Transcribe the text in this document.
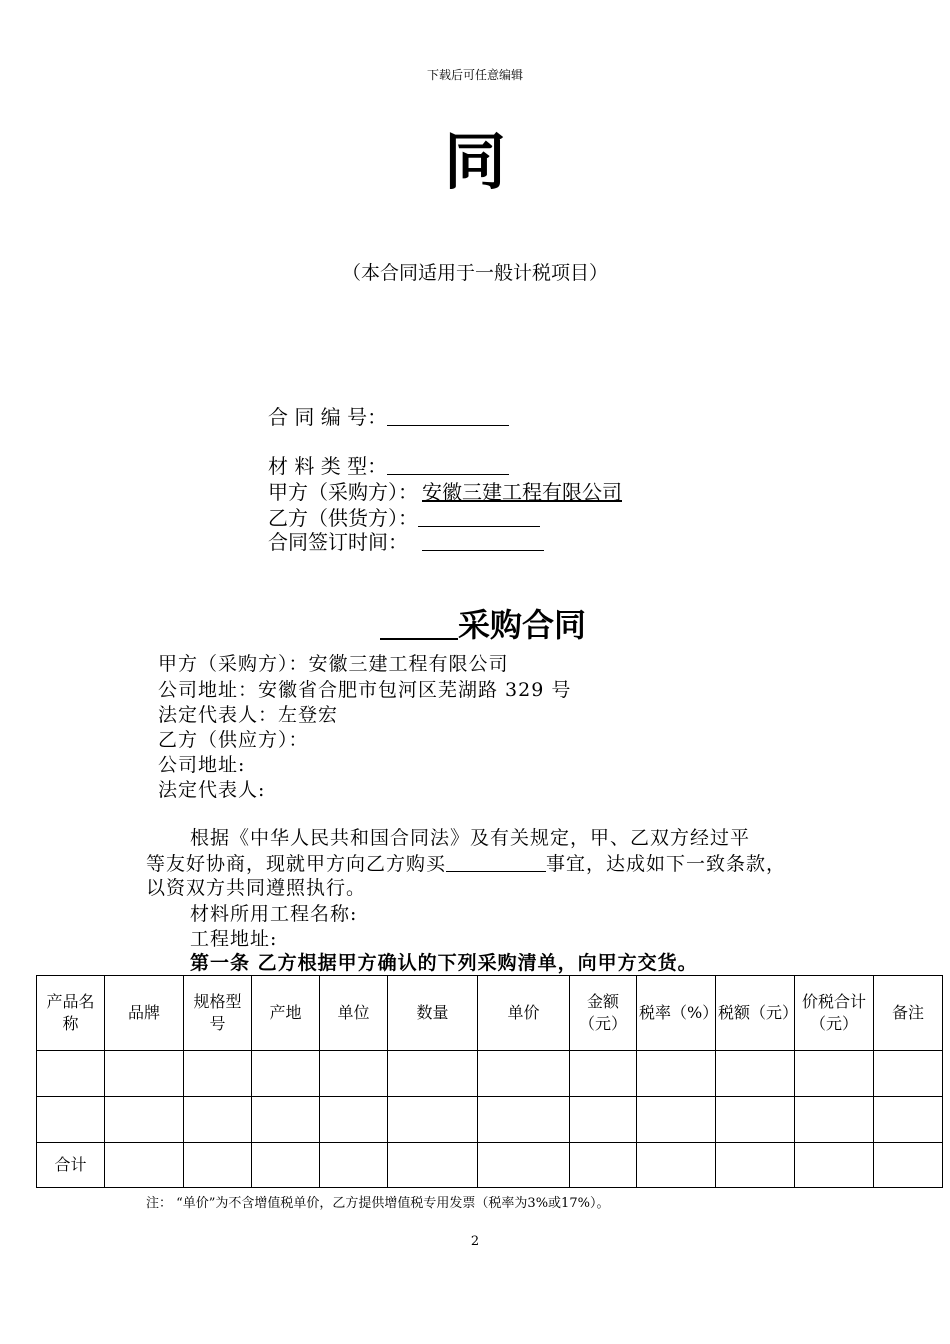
下载后可任意编辑
同
（本合同适用于一般计税项目）
合 同 编 号：
材 料 类 型：
甲方（采购方）： 安徽三建工程有限公司
乙方（供货方）：
合同签订时间：
采购合同
甲方（采购方）：安徽三建工程有限公司
公司地址：安徽省合肥市包河区芜湖路 329 号
法定代表人：左登宏
乙方（供应方）：
公司地址:
法定代表人:
根据《中华人民共和国合同法》及有关规定，甲、乙双方经过平
等友好协商，现就甲方向乙方购买	事宜，达成如下一致条款，
以资双方共同遵照执行。
材料所用工程名称:
工程地址:
第一条 乙方根据甲方确认的下列采购清单，向甲方交货。
产品名称	品牌	规格型号	产地	单位	数量	单价	金额（元）	税率（%）	税额（元）	价税合计（元）	备注

合计											
注： “单价”为不含增值税单价，乙方提供增值税专用发票（税率为3%或17%）。
2
